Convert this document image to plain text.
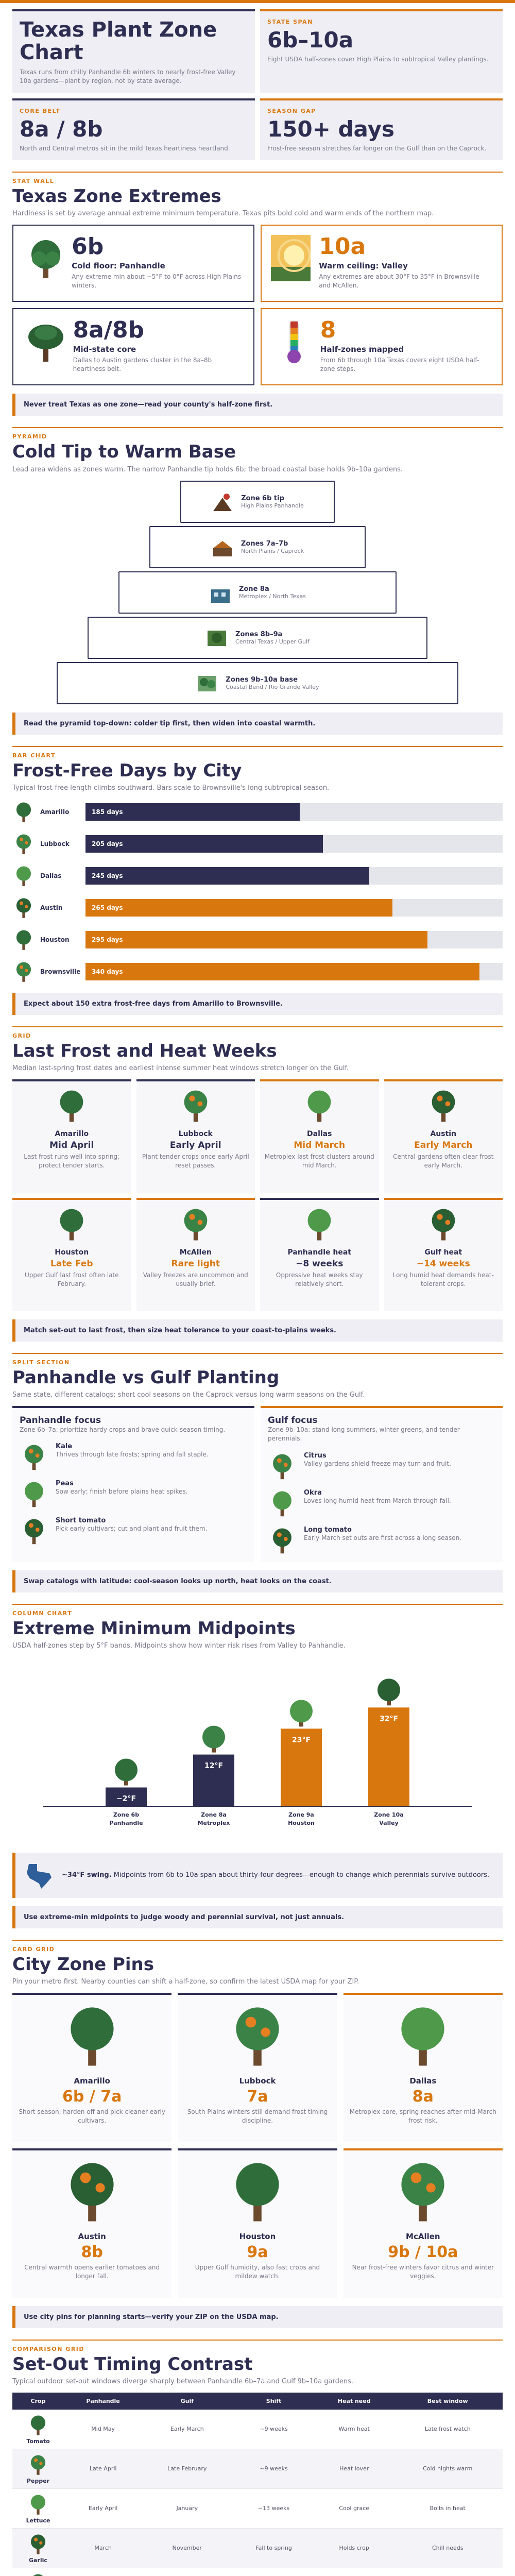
Texas Plant Zone Chart

Texas runs from chilly Panhandle 6b winters to nearly frost-free Valley 10a gardens—plant by region, not by state average.

STATE SPAN
6b–10a

Eight USDA half-zones cover High Plains to subtropical Valley plantings.

CORE BELT
8a / 8b

North and Central metros sit in the mild Texas heartiness heartland.

SEASON GAP
150+ days

Frost-free season stretches far longer on the Gulf than on the Caprock.

STAT WALL
Texas Zone Extremes

Hardiness is set by average annual extreme minimum temperature. Texas pits bold cold and warm ends of the northern map.

6b
Cold floor: Panhandle

Any extreme min about −5°F to 0°F across High Plains winters.

10a
Warm ceiling: Valley

Any extremes are about 30°F to 35°F in Brownsville and McAllen.

8a/8b
Mid-state core

Dallas to Austin gardens cluster in the 8a–8b heartiness belt.

8
Half-zones mapped

From 6b through 10a Texas covers eight USDA half-zone steps.

Never treat Texas as one zone—read your county's half-zone first.
PYRAMID
Cold Tip to Warm Base

Lead area widens as zones warm. The narrow Panhandle tip holds 6b; the broad coastal base holds 9b–10a gardens.

Zone 6b tip
High Plains Panhandle
Zones 7a–7b
North Plains / Caprock
Zone 8a
Metroplex / North Texas
Zones 8b–9a
Central Texas / Upper Gulf
Zones 9b–10a base
Coastal Bend / Rio Grande Valley
Read the pyramid top-down: colder tip first, then widen into coastal warmth.
BAR CHART
Frost-Free Days by City

Typical frost-free length climbs southward. Bars scale to Brownsville's long subtropical season.

Amarillo	185 days
Lubbock	205 days
Dallas	245 days
Austin	265 days
Houston	295 days
Brownsville	340 days
Expect about 150 extra frost-free days from Amarillo to Brownsville.
GRID
Last Frost and Heat Weeks

Median last-spring frost dates and earliest intense summer heat windows stretch longer on the Gulf.

Amarillo
Mid April

Last frost runs well into spring; protect tender starts.

Lubbock
Early April

Plant tender crops once early April reset passes.

Dallas
Mid March

Metroplex last frost clusters around mid March.

Austin
Early March

Central gardens often clear frost early March.

Houston
Late Feb

Upper Gulf last frost often late February.

McAllen
Rare light

Valley freezes are uncommon and usually brief.

Panhandle heat
~8 weeks

Oppressive heat weeks stay relatively short.

Gulf heat
~14 weeks

Long humid heat demands heat-tolerant crops.

Match set-out to last frost, then size heat tolerance to your coast-to-plains weeks.
SPLIT SECTION
Panhandle vs Gulf Planting

Same state, different catalogs: short cool seasons on the Caprock versus long warm seasons on the Gulf.

Panhandle focus

Zone 6b–7a: prioritize hardy crops and brave quick-season timing.

Kale

Thrives through late frosts; spring and fall staple.

Peas

Sow early; finish before plains heat spikes.

Short tomato

Pick early cultivars; cut and plant and fruit them.

Gulf focus

Zone 9b–10a: stand long summers, winter greens, and tender perennials.

Citrus

Valley gardens shield freeze may turn and fruit.

Okra

Loves long humid heat from March through fall.

Long tomato

Early March set outs are first across a long season.

Swap catalogs with latitude: cool-season looks up north, heat looks on the coast.
COLUMN CHART
Extreme Minimum Midpoints

USDA half-zones step by 5°F bands. Midpoints show how winter risk rises from Valley to Panhandle.

−2°F
Zone 6b
Panhandle
12°F
Zone 8a
Metroplex
23°F
Zone 9a
Houston
32°F
Zone 10a
Valley
~34°F swing. Midpoints from 6b to 10a span about thirty-four degrees—enough to change which perennials survive outdoors.
Use extreme-min midpoints to judge woody and perennial survival, not just annuals.
CARD GRID
City Zone Pins

Pin your metro first. Nearby counties can shift a half-zone, so confirm the latest USDA map for your ZIP.

Amarillo
6b / 7a

Short season, harden off and pick cleaner early cultivars.

Lubbock
7a

South Plains winters still demand frost timing discipline.

Dallas
8a

Metroplex core, spring reaches after mid-March frost risk.

Austin
8b

Central warmth opens earlier tomatoes and longer fall.

Houston
9a

Upper Gulf humidity, also fast crops and mildew watch.

McAllen
9b / 10a

Near frost-free winters favor citrus and winter veggies.

Use city pins for planning starts—verify your ZIP on the USDA map.
COMPARISON GRID
Set-Out Timing Contrast

Typical outdoor set-out windows diverge sharply between Panhandle 6b–7a and Gulf 9b–10a gardens.

Crop	Panhandle	Gulf	Shift	Heat need	Best window

Tomato	Mid May	Early March	~9 weeks	Warm heat	Late frost watch

Pepper	Late April	Late February	~9 weeks	Heat lover	Cold nights warm

Lettuce	Early April	January	~13 weeks	Cool grace	Bolts in heat

Garlic	March	November	Fall to spring	Holds crop	Chill needs
